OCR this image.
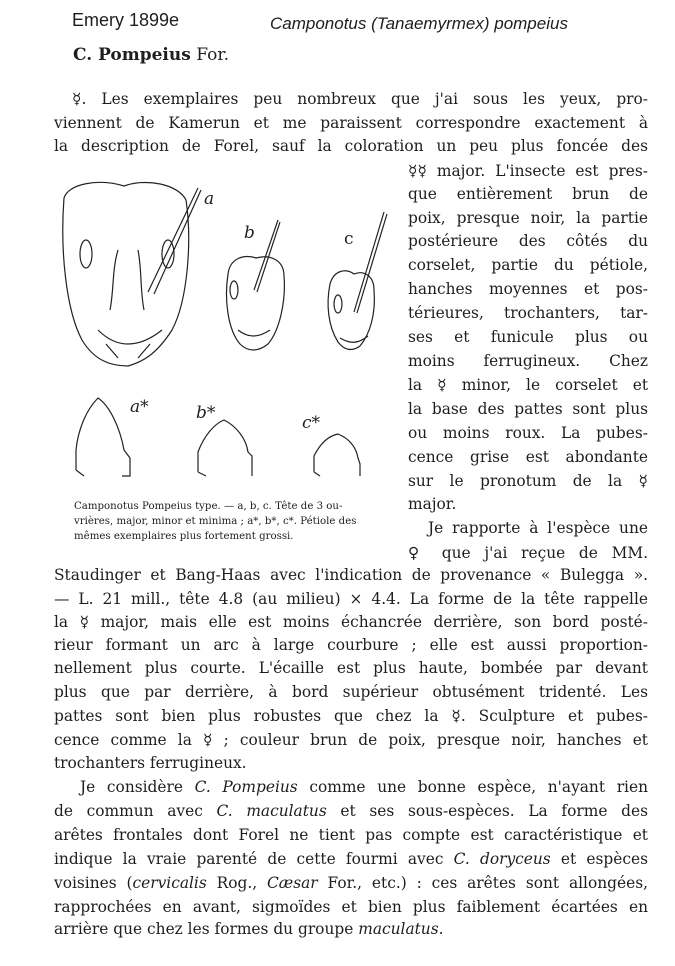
Emery 1899e	Camponotus (Tanaemyrmex) pompeius
C. Pompeius For.
☿. Les exemplaires peu nombreux que j'ai sous les yeux, pro-
viennent de Kamerun et me paraissent correspondre exactement à
la description de Forel, sauf la coloration un peu plus foncée des
☿☿ major. L'insecte est pres-
que entièrement brun de
poix, presque noir, la partie
postérieure des côtés du
corselet, partie du pétiole,
hanches moyennes et pos-
térieures, trochanters, tar-
ses et funicule plus ou
moins ferrugineux. Chez
la ☿ minor, le corselet et
la base des pattes sont plus
ou moins roux. La pubes-
cence grise est abondante
sur le pronotum de la ☿
major.
Je rapporte à l'espèce une
♀ que j'ai reçue de MM.
Staudinger et Bang-Haas avec l'indication de provenance « Bulegga ».
— L. 21 mill., tête 4.8 (au milieu) × 4.4. La forme de la tête rappelle
la ☿ major, mais elle est moins échancrée derrière, son bord posté-
rieur formant un arc à large courbure ; elle est aussi proportion-
nellement plus courte. L'écaille est plus haute, bombée par devant
plus que par derrière, à bord supérieur obtusément tridenté. Les
pattes sont bien plus robustes que chez la ☿. Sculpture et pubes-
cence comme la ☿ ; couleur brun de poix, presque noir, hanches et
trochanters ferrugineux.
Je considère C. Pompeius comme une bonne espèce, n'ayant rien
de commun avec C. maculatus et ses sous-espèces. La forme des
arêtes frontales dont Forel ne tient pas compte est caractéristique et
indique la vraie parenté de cette fourmi avec C. doryceus et espèces
voisines (cervicalis Rog., Cæsar For., etc.) : ces arêtes sont allongées,
rapprochées en avant, sigmoïdes et bien plus faiblement écartées en
arrière que chez les formes du groupe maculatus.
a
b	c
a*	b*	c*
Camponotus Pompeius type. — a, b, c. Tête de 3 ou-
vrières, major, minor et minima ; a*, b*, c*. Pétiole des
mêmes exemplaires plus fortement grossi.
